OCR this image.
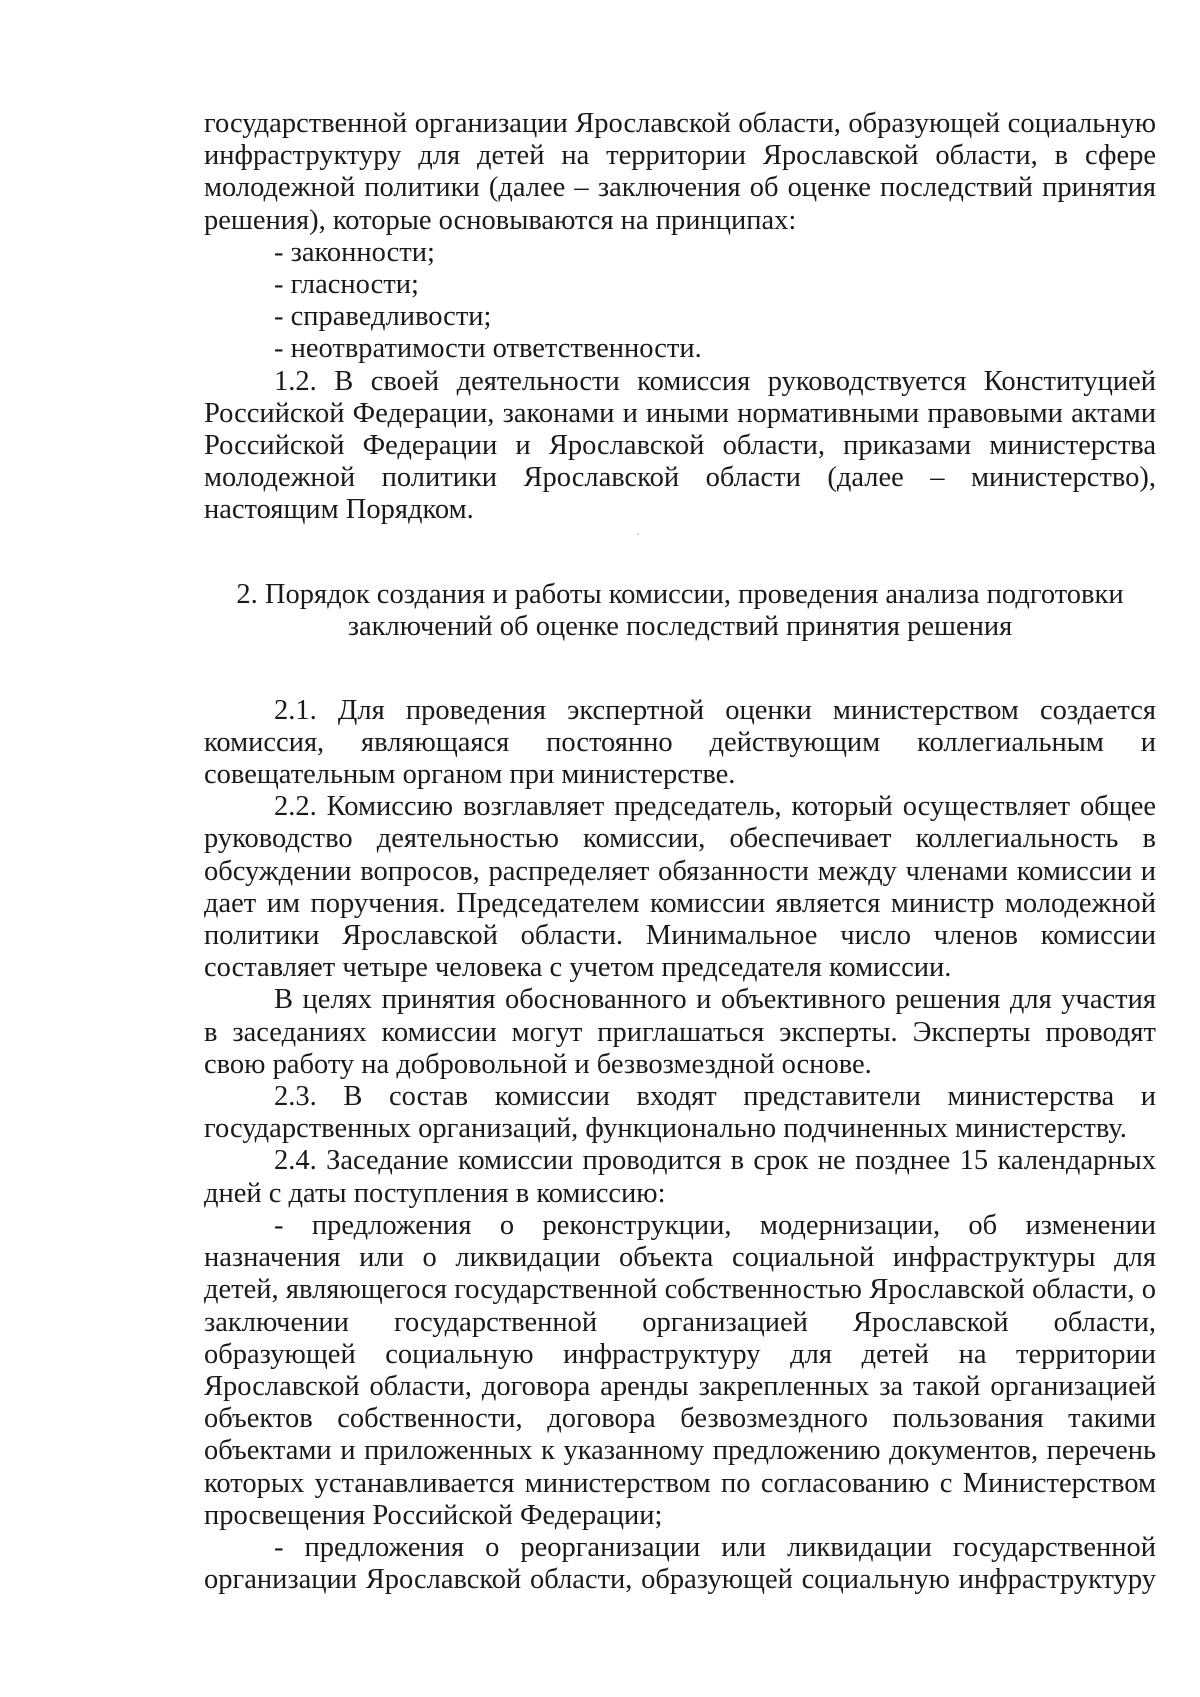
государственной организации Ярославской области, образующей социальную инфраструктуру для детей на территории Ярославской области, в сфере молодежной политики (далее – заключения об оценке последствий принятия решения), которые основываются на принципах:

- законности;

- гласности;

- справедливости;

- неотвратимости ответственности.

1.2. В своей деятельности комиссия руководствуется Конституцией Российской Федерации, законами и иными нормативными правовыми актами Российской Федерации и Ярославской области, приказами министерства молодежной политики Ярославской области (далее – министерство), настоящим Порядком.

2. Порядок создания и работы комиссии, проведения анализа подготовки

заключений об оценке последствий принятия решения

2.1. Для проведения экспертной оценки министерством создается комиссия, являющаяся постоянно действующим коллегиальным и совещательным органом при министерстве.

2.2. Комиссию возглавляет председатель, который осуществляет общее руководство деятельностью комиссии, обеспечивает коллегиальность в обсуждении вопросов, распределяет обязанности между членами комиссии и дает им поручения. Председателем комиссии является министр молодежной политики Ярославской области. Минимальное число членов комиссии составляет четыре человека с учетом председателя комиссии.

В целях принятия обоснованного и объективного решения для участия в заседаниях комиссии могут приглашаться эксперты. Эксперты проводят свою работу на добровольной и безвозмездной основе.

2.3. В состав комиссии входят представители министерства и государственных организаций, функционально подчиненных министерству.

2.4. Заседание комиссии проводится в срок не позднее 15 календарных дней с даты поступления в комиссию:

- предложения о реконструкции, модернизации, об изменении назначения или о ликвидации объекта социальной инфраструктуры для детей, являющегося государственной собственностью Ярославской области, о заключении государственной организацией Ярославской области, образующей социальную инфраструктуру для детей на территории Ярославской области, договора аренды закрепленных за такой организацией объектов собственности, договора безвозмездного пользования такими объектами и приложенных к указанному предложению документов, перечень которых устанавливается министерством по согласованию с Министерством просвещения Российской Федерации;

- предложения о реорганизации или ликвидации государственной организации Ярославской области, образующей социальную инфраструктуру
